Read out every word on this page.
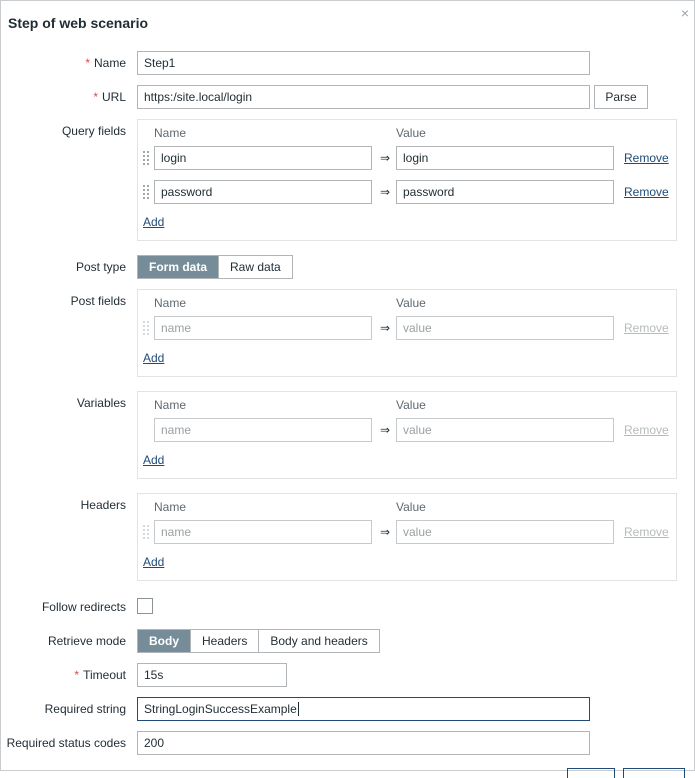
Step of web scenario
×
* Name	Step1
* URL	https:/site.local/login	Parse
Query fields Name	Value
login	⇒	login	Remove
password	⇒	password	Remove
Add
Post type	Form data	Raw data
Post fields Name	Value
name	⇒	value	Remove
Add
Variables Name	Value
name	⇒	value	Remove
Add
Headers Name	Value
name	⇒	value	Remove
Add
Follow redirects
Retrieve mode	Body	Headers	Body and headers
* Timeout	15s
Required string	StringLoginSuccessExample
Required status codes	200
